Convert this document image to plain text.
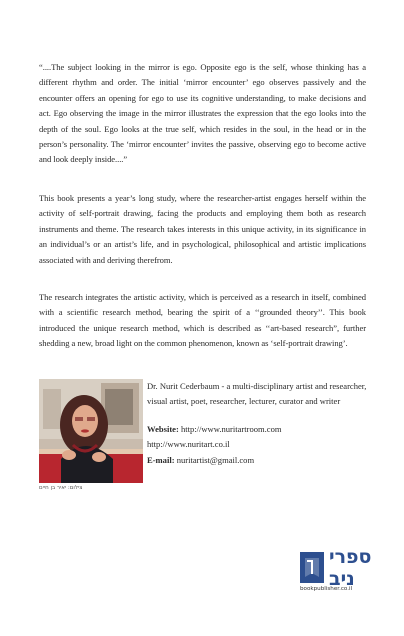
“....The subject looking in the mirror is ego. Opposite ego is the self, whose thinking has a different rhythm and order. The initial ‘mirror encounter’ ego observes passively and the encounter offers an opening for ego to use its cognitive understanding, to make decisions and act. Ego observing the image in the mirror illustrates the expression that the ego looks into the depth of the soul. Ego looks at the true self, which resides in the soul, in the head or in the person’s personality. The ‘mirror encounter’ invites the passive, observing ego to become active and look deeply inside....”

This book presents a year’s long study, where the researcher-artist engages herself within the activity of self-portrait drawing, facing the products and employing them both as research instruments and theme. The research takes interests in this unique activity, in its significance in an individual’s or an artist’s life, and in psychological, philosophical and artistic implications associated with and deriving therefrom.

The research integrates the artistic activity, which is perceived as a research in itself, combined with a scientific research method, bearing the spirit of a ‘‘grounded theory’’. This book introduced the unique research method, which is described as ‘‘art-based research”, further shedding a new, broad light on the common phenomenon, known as ‘self-portrait drawing’.

צילום: יאיר בן חיים

Dr. Nurit Cederbaum - a multi-disciplinary artist and researcher, visual artist, poet, researcher, lecturer, curator and writer

Website: http://www.nuritartroom.com

http://www.nuritart.co.il

E-mail: nuritartist@gmail.com

ספרי ניב
bookpublisher.co.il
